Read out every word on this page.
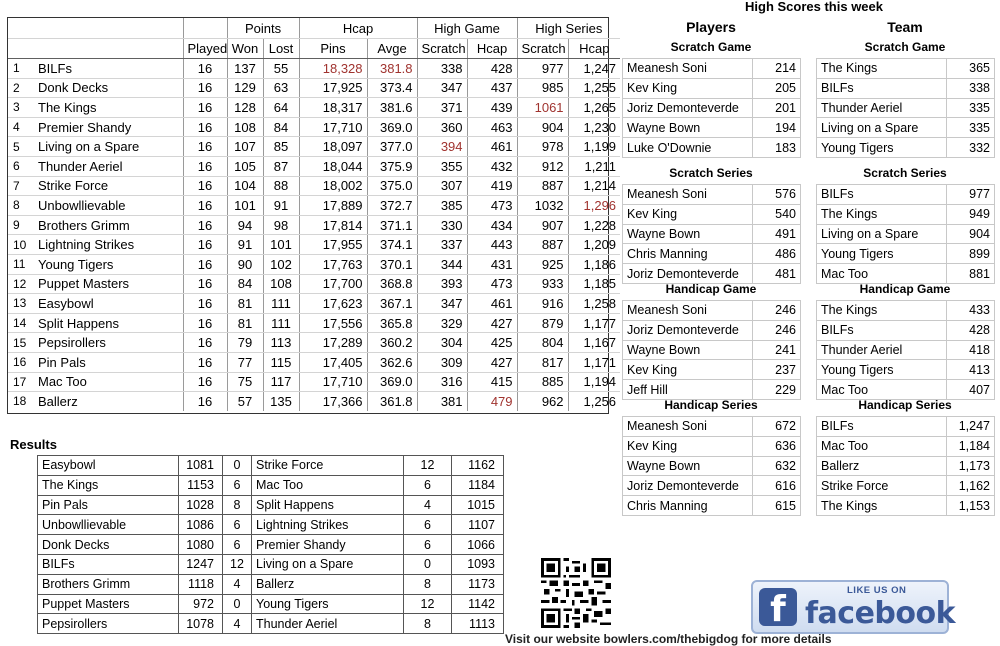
			Points		Hcap		High Game		High Series	
		Played	Won	Lost	Pins	Avge	Scratch	Hcap	Scratch	Hcap
1	BILFs	16	137	55	18,328	381.8	338	428	977	1,247
2	Donk Decks	16	129	63	17,925	373.4	347	437	985	1,255
3	The Kings	16	128	64	18,317	381.6	371	439	1061	1,265
4	Premier Shandy	16	108	84	17,710	369.0	360	463	904	1,230
5	Living on a Spare	16	107	85	18,097	377.0	394	461	978	1,199
6	Thunder Aeriel	16	105	87	18,044	375.9	355	432	912	1,211
7	Strike Force	16	104	88	18,002	375.0	307	419	887	1,214
8	Unbowllievable	16	101	91	17,889	372.7	385	473	1032	1,296
9	Brothers Grimm	16	94	98	17,814	371.1	330	434	907	1,228
10	Lightning Strikes	16	91	101	17,955	374.1	337	443	887	1,209
11	Young Tigers	16	90	102	17,763	370.1	344	431	925	1,186
12	Puppet Masters	16	84	108	17,700	368.8	393	473	933	1,185
13	Easybowl	16	81	111	17,623	367.1	347	461	916	1,258
14	Split Happens	16	81	111	17,556	365.8	329	427	879	1,177
15	Pepsirollers	16	79	113	17,289	360.2	304	425	804	1,167
16	Pin Pals	16	77	115	17,405	362.6	309	427	817	1,171
17	Mac Too	16	75	117	17,710	369.0	316	415	885	1,194
18	Ballerz	16	57	135	17,366	361.8	381	479	962	1,256
High Scores this week
Players	Team
Scratch Game
Meanesh Soni	214
Kev King	205
Joriz Demonteverde	201
Wayne Bown	194
Luke O'Downie	183
Scratch Game
The Kings	365
BILFs	338
Thunder Aeriel	335
Living on a Spare	335
Young Tigers	332
Scratch Series
Meanesh Soni	576
Kev King	540
Wayne Bown	491
Chris Manning	486
Joriz Demonteverde	481
Scratch Series
BILFs	977
The Kings	949
Living on a Spare	904
Young Tigers	899
Mac Too	881
Handicap Game
Meanesh Soni	246
Joriz Demonteverde	246
Wayne Bown	241
Kev King	237
Jeff Hill	229
Handicap Game
The Kings	433
BILFs	428
Thunder Aeriel	418
Young Tigers	413
Mac Too	407
Handicap Series
Meanesh Soni	672
Kev King	636
Wayne Bown	632
Joriz Demonteverde	616
Chris Manning	615
Handicap Series
BILFs	1,247
Mac Too	1,184
Ballerz	1,173
Strike Force	1,162
The Kings	1,153
Results
Easybowl	1081	0	Strike Force	12	1162
The Kings	1153	6	Mac Too	6	1184
Pin Pals	1028	8	Split Happens	4	1015
Unbowllievable	1086	6	Lightning Strikes	6	1107
Donk Decks	1080	6	Premier Shandy	6	1066
BILFs	1247	12	Living on a Spare	0	1093
Brothers Grimm	1118	4	Ballerz	8	1173
Puppet Masters	972	0	Young Tigers	12	1142
Pepsirollers	1078	4	Thunder Aeriel	8	1113	f	LIKE US ON
facebook
Visit our website bowlers.com/thebigdog for more details
